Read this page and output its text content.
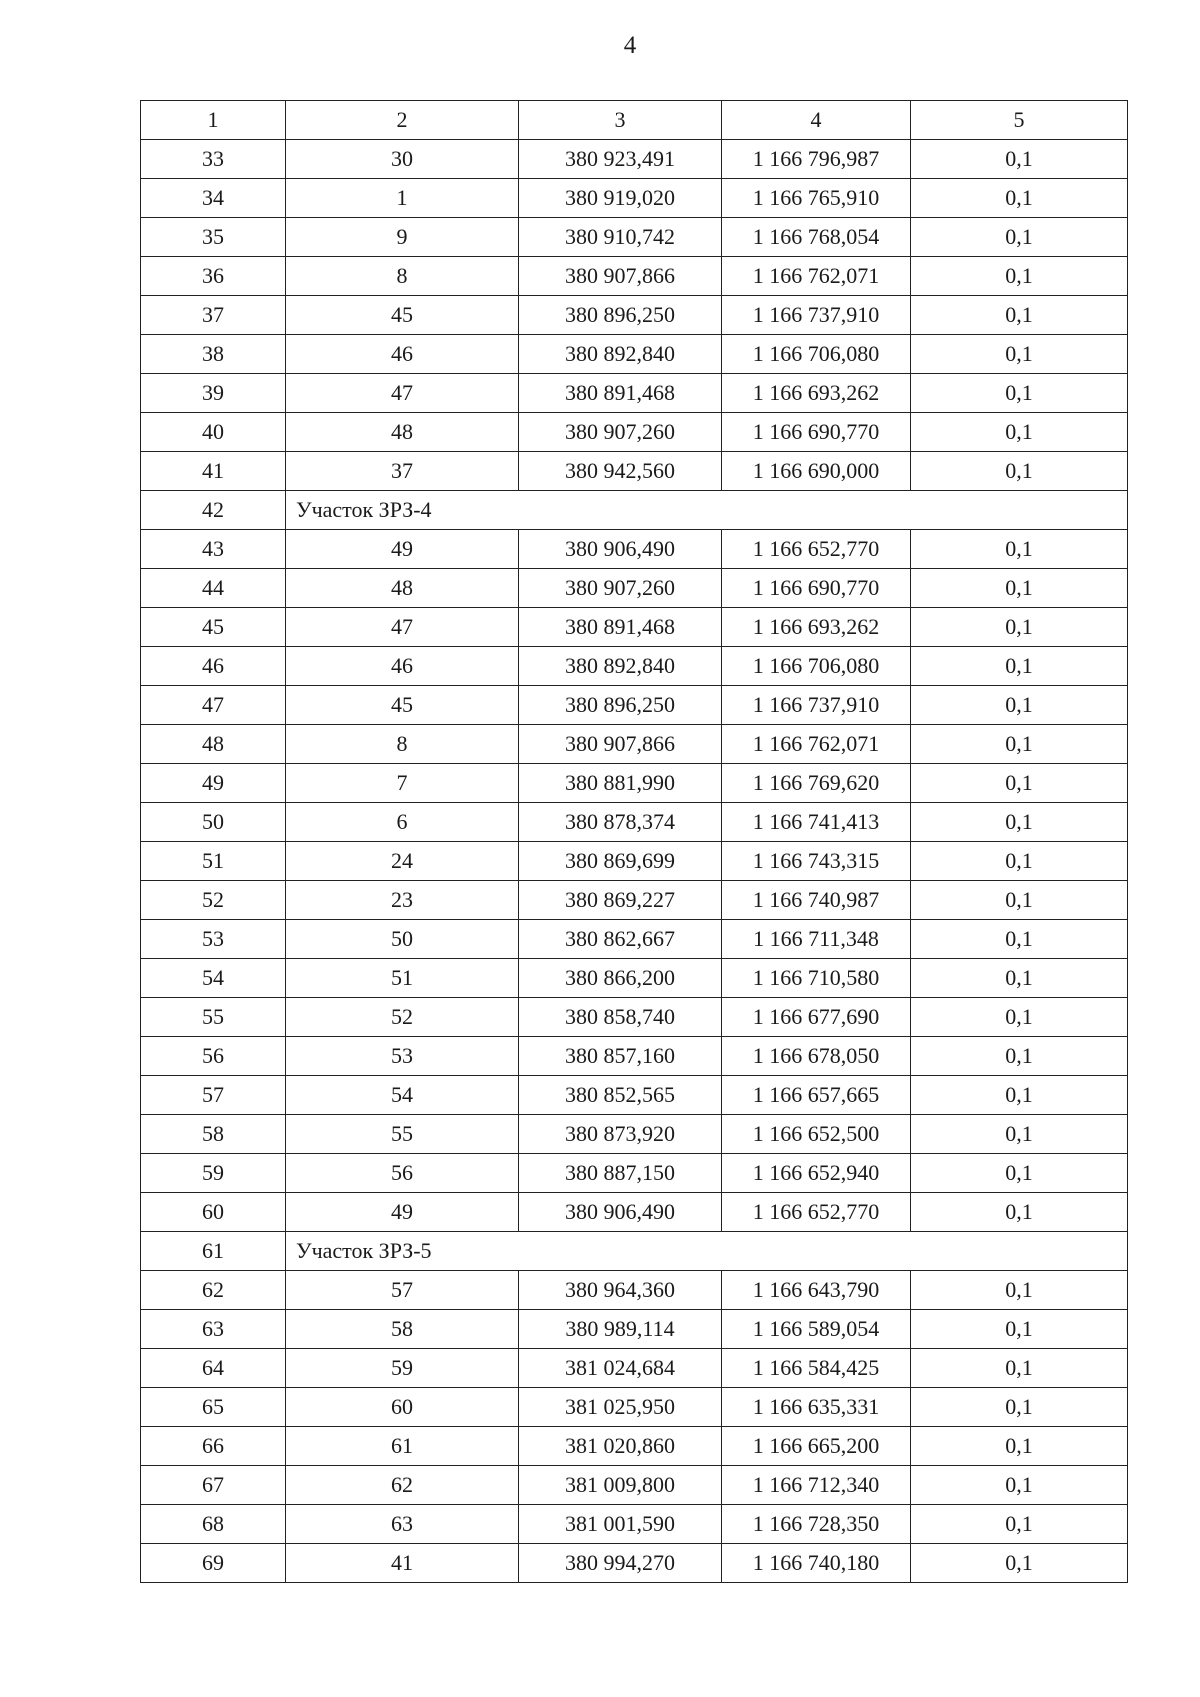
4
1	2	3	4	5
33	30	380 923,491	1 166 796,987	0,1
34	1	380 919,020	1 166 765,910	0,1
35	9	380 910,742	1 166 768,054	0,1
36	8	380 907,866	1 166 762,071	0,1
37	45	380 896,250	1 166 737,910	0,1
38	46	380 892,840	1 166 706,080	0,1
39	47	380 891,468	1 166 693,262	0,1
40	48	380 907,260	1 166 690,770	0,1
41	37	380 942,560	1 166 690,000	0,1
42	Участок ЗРЗ-4			
43	49	380 906,490	1 166 652,770	0,1
44	48	380 907,260	1 166 690,770	0,1
45	47	380 891,468	1 166 693,262	0,1
46	46	380 892,840	1 166 706,080	0,1
47	45	380 896,250	1 166 737,910	0,1
48	8	380 907,866	1 166 762,071	0,1
49	7	380 881,990	1 166 769,620	0,1
50	6	380 878,374	1 166 741,413	0,1
51	24	380 869,699	1 166 743,315	0,1
52	23	380 869,227	1 166 740,987	0,1
53	50	380 862,667	1 166 711,348	0,1
54	51	380 866,200	1 166 710,580	0,1
55	52	380 858,740	1 166 677,690	0,1
56	53	380 857,160	1 166 678,050	0,1
57	54	380 852,565	1 166 657,665	0,1
58	55	380 873,920	1 166 652,500	0,1
59	56	380 887,150	1 166 652,940	0,1
60	49	380 906,490	1 166 652,770	0,1
61	Участок ЗРЗ-5			
62	57	380 964,360	1 166 643,790	0,1
63	58	380 989,114	1 166 589,054	0,1
64	59	381 024,684	1 166 584,425	0,1
65	60	381 025,950	1 166 635,331	0,1
66	61	381 020,860	1 166 665,200	0,1
67	62	381 009,800	1 166 712,340	0,1
68	63	381 001,590	1 166 728,350	0,1
69	41	380 994,270	1 166 740,180	0,1
